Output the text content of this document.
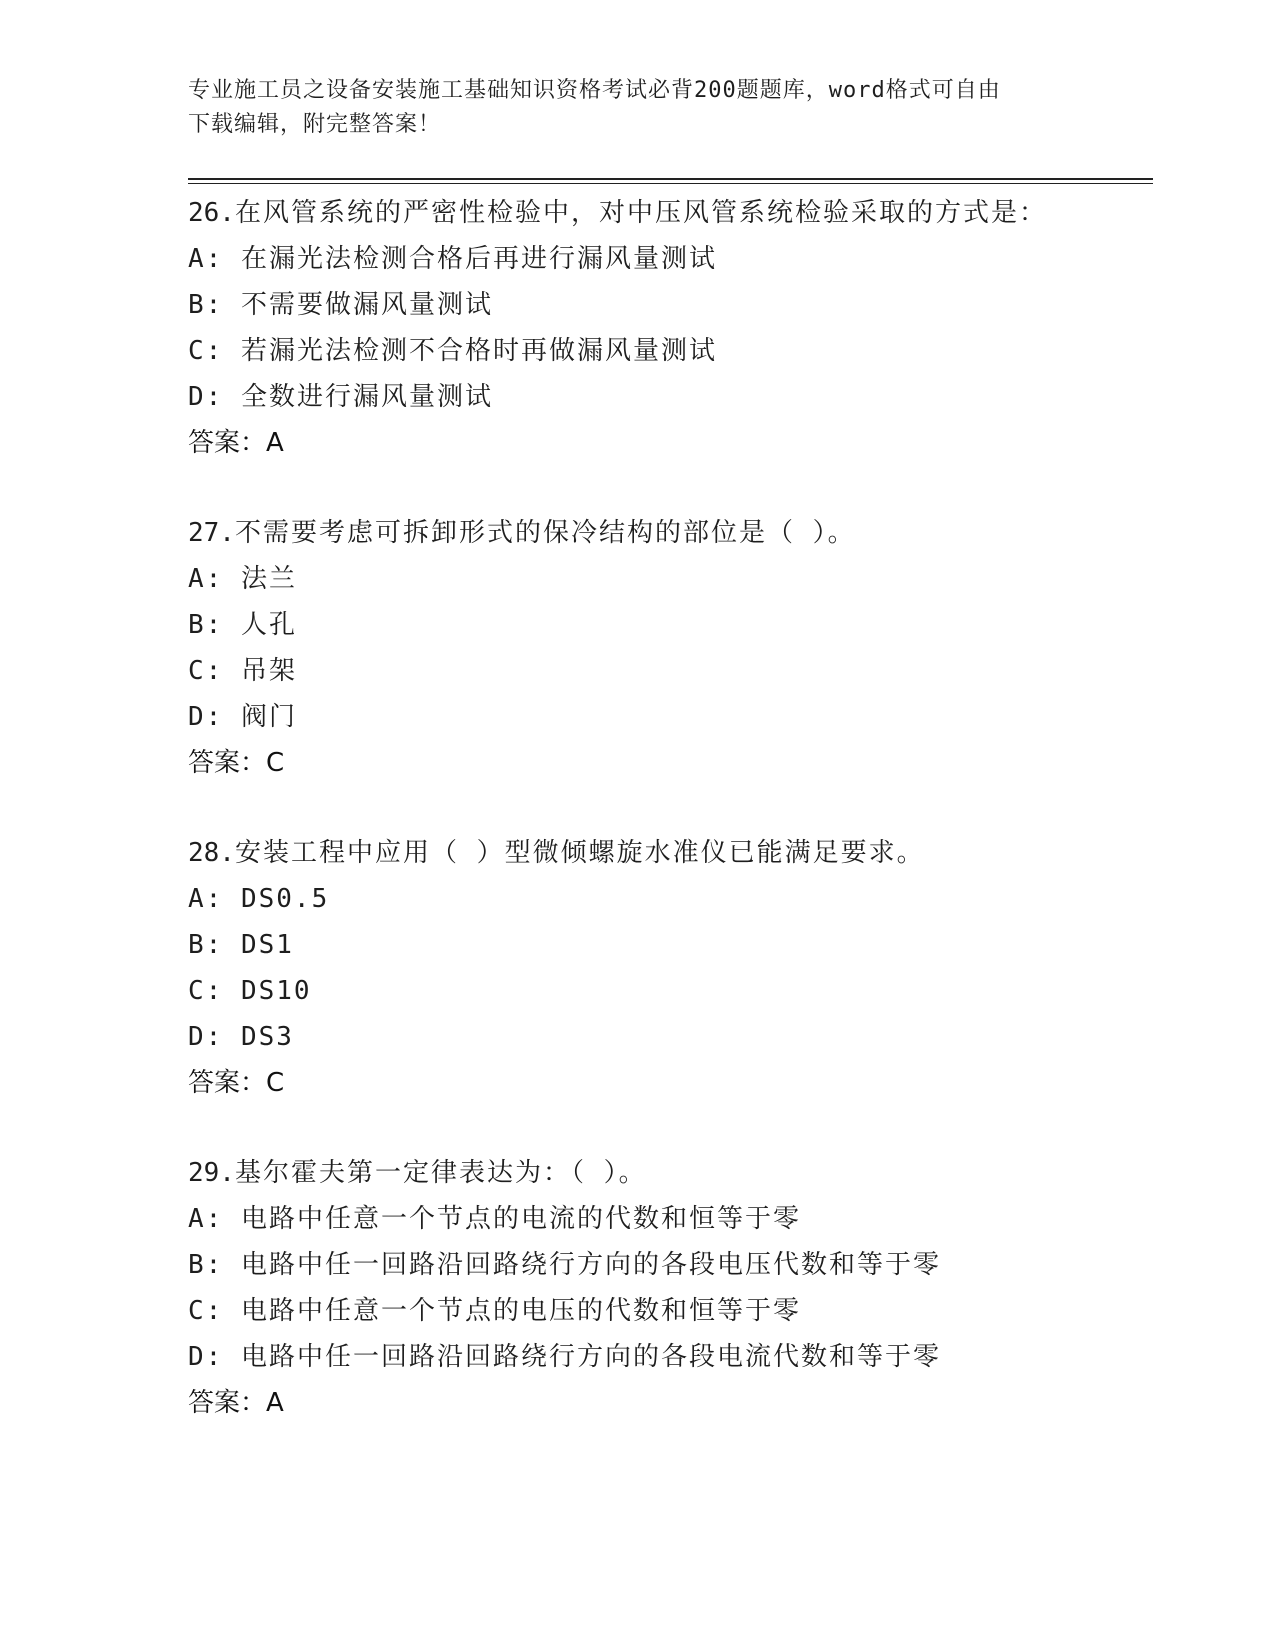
专业施工员之设备安装施工基础知识资格考试必背200题题库，word格式可自由
下载编辑，附完整答案！
26.在风管系统的严密性检验中，对中压风管系统检验采取的方式是：
A: 在漏光法检测合格后再进行漏风量测试
B: 不需要做漏风量测试
C: 若漏光法检测不合格时再做漏风量测试
D: 全数进行漏风量测试
答案：A
27.不需要考虑可拆卸形式的保冷结构的部位是（ ）。
A: 法兰
B: 人孔
C: 吊架
D: 阀门
答案：C
28.安装工程中应用（ ）型微倾螺旋水准仪已能满足要求。
A: DS0.5
B: DS1
C: DS10
D: DS3
答案：C
29.基尔霍夫第一定律表达为：（ ）。
A: 电路中任意一个节点的电流的代数和恒等于零
B: 电路中任一回路沿回路绕行方向的各段电压代数和等于零
C: 电路中任意一个节点的电压的代数和恒等于零
D: 电路中任一回路沿回路绕行方向的各段电流代数和等于零
答案：A
